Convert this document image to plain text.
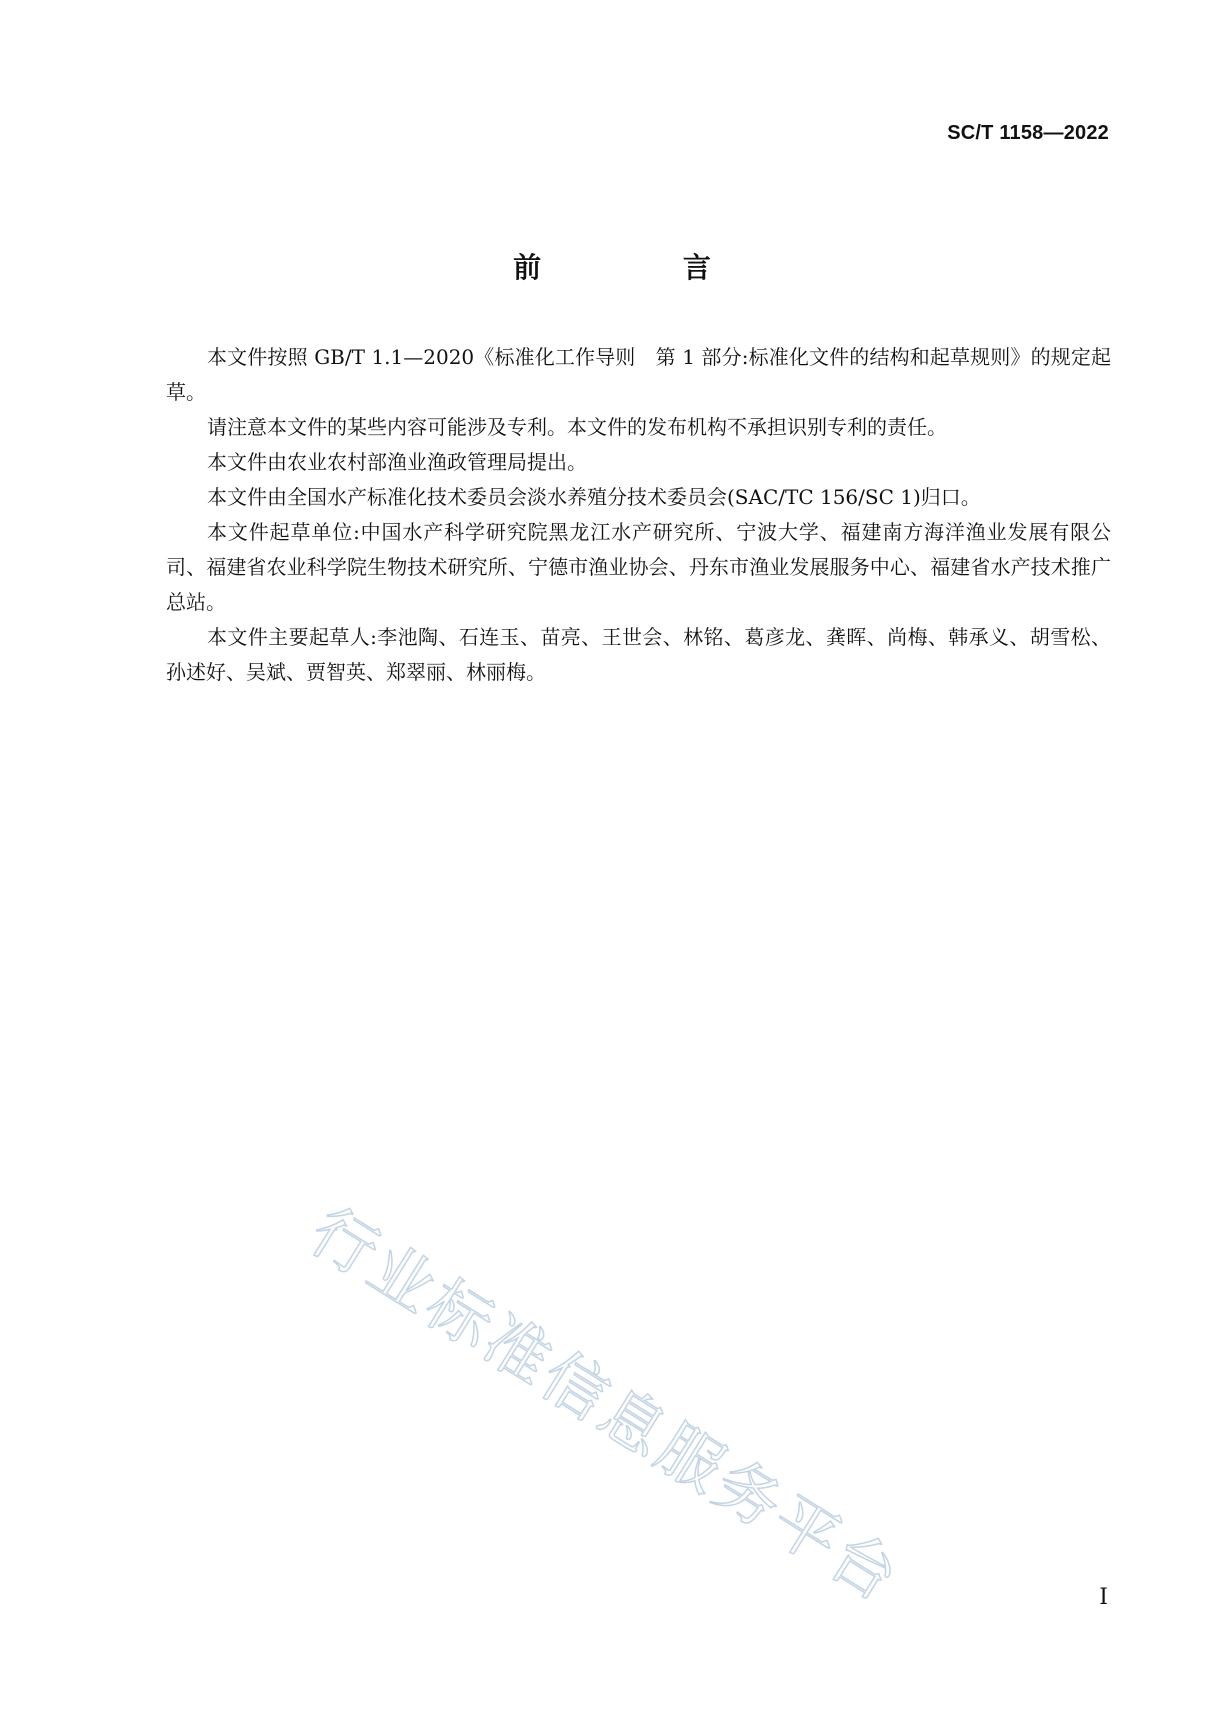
SC/T 1158—2022
前 言

本文件按照 GB/T 1.1—2020《标准化工作导则　第 1 部分:标准化文件的结构和起草规则》的规定起草。

请注意本文件的某些内容可能涉及专利。本文件的发布机构不承担识别专利的责任。

本文件由农业农村部渔业渔政管理局提出。

本文件由全国水产标准化技术委员会淡水养殖分技术委员会(SAC/TC 156/SC 1)归口。

本文件起草单位:中国水产科学研究院黑龙江水产研究所、宁波大学、福建南方海洋渔业发展有限公司、福建省农业科学院生物技术研究所、宁德市渔业协会、丹东市渔业发展服务中心、福建省水产技术推广总站。

本文件主要起草人:李池陶、石连玉、苗亮、王世会、林铭、葛彦龙、龚晖、尚梅、韩承义、胡雪松、孙述好、吴斌、贾智英、郑翠丽、林丽梅。

行业标准信息服务平台	I
